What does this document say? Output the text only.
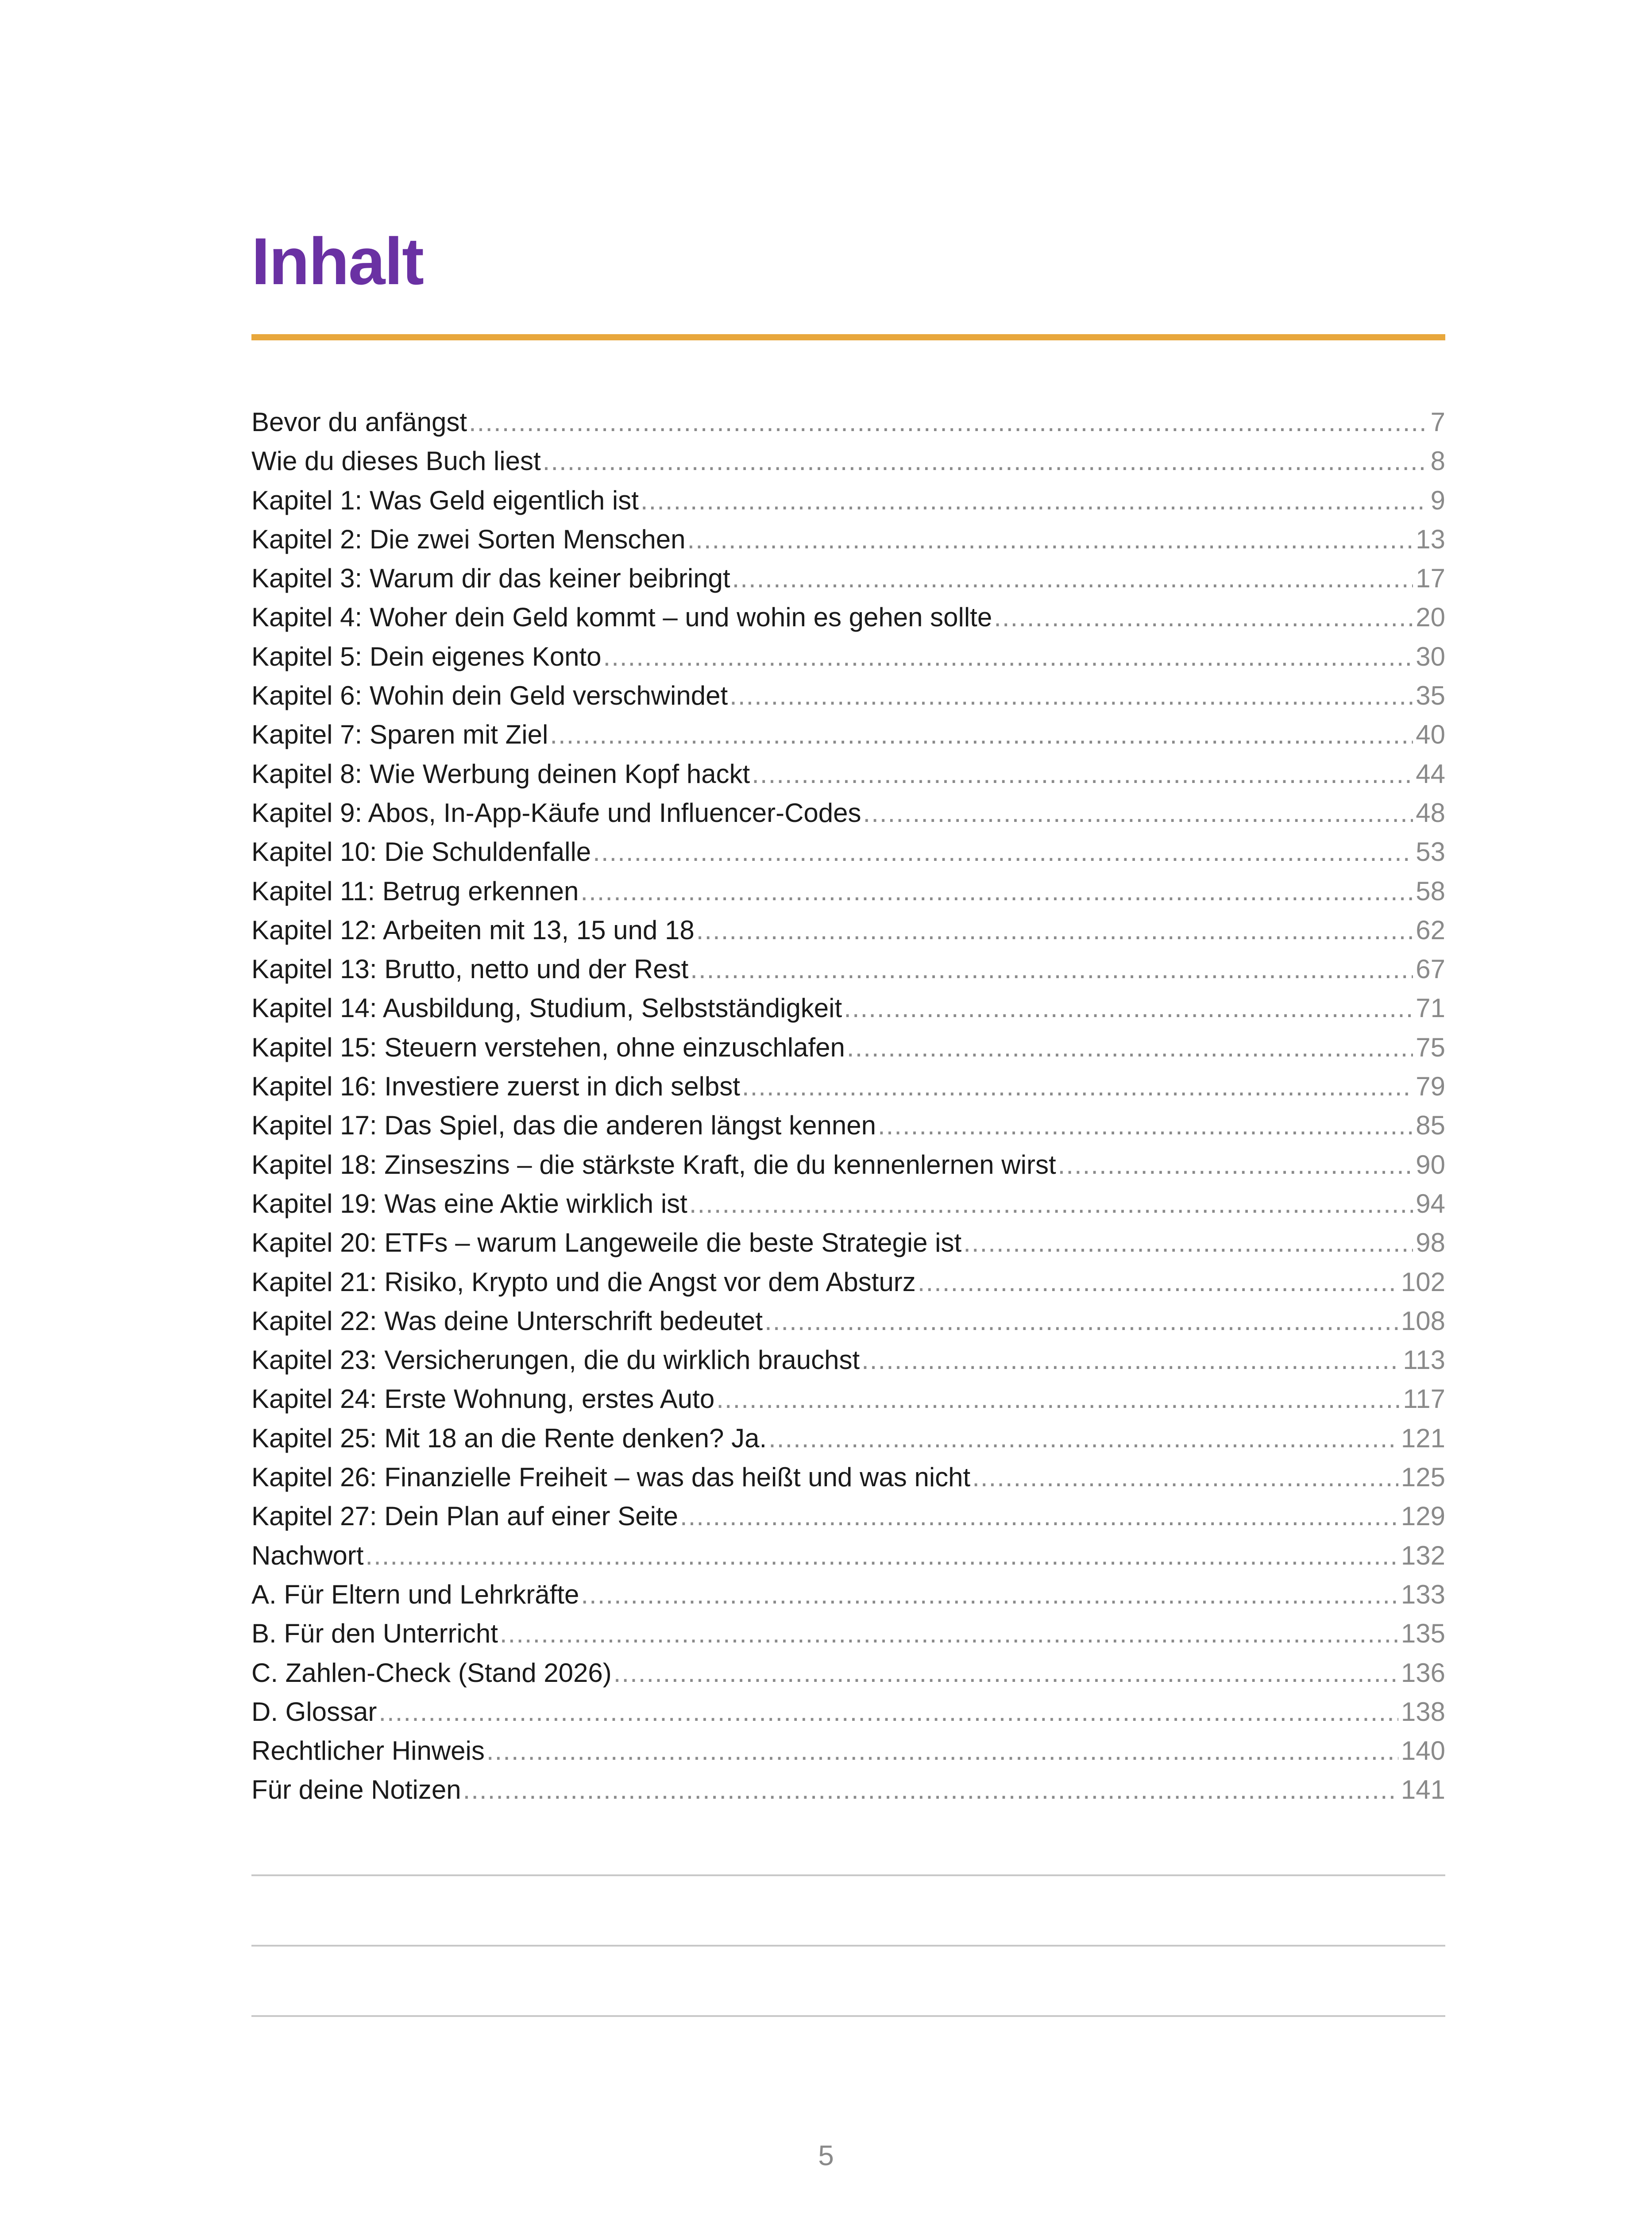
Inhalt
Bevor du anfängst .....	7
Wie du dieses Buch liest .....	8
Kapitel 1: Was Geld eigentlich ist .....	9
Kapitel 2: Die zwei Sorten Menschen .....	13
Kapitel 3: Warum dir das keiner beibringt .....	17
Kapitel 4: Woher dein Geld kommt – und wohin es gehen sollte .....	20
Kapitel 5: Dein eigenes Konto .....	30
Kapitel 6: Wohin dein Geld verschwindet .....	35
Kapitel 7: Sparen mit Ziel .....	40
Kapitel 8: Wie Werbung deinen Kopf hackt .....	44
Kapitel 9: Abos, In-App-Käufe und Influencer-Codes .....	48
Kapitel 10: Die Schuldenfalle .....	53
Kapitel 11: Betrug erkennen .....	58
Kapitel 12: Arbeiten mit 13, 15 und 18 .....	62
Kapitel 13: Brutto, netto und der Rest .....	67
Kapitel 14: Ausbildung, Studium, Selbstständigkeit .....	71
Kapitel 15: Steuern verstehen, ohne einzuschlafen .....	75
Kapitel 16: Investiere zuerst in dich selbst .....	79
Kapitel 17: Das Spiel, das die anderen längst kennen .....	85
Kapitel 18: Zinseszins – die stärkste Kraft, die du kennenlernen wirst .....	90
Kapitel 19: Was eine Aktie wirklich ist .....	94
Kapitel 20: ETFs – warum Langeweile die beste Strategie ist .....	98
Kapitel 21: Risiko, Krypto und die Angst vor dem Absturz .....	102
Kapitel 22: Was deine Unterschrift bedeutet .....	108
Kapitel 23: Versicherungen, die du wirklich brauchst .....	113
Kapitel 24: Erste Wohnung, erstes Auto .....	117
Kapitel 25: Mit 18 an die Rente denken? Ja. .....	121
Kapitel 26: Finanzielle Freiheit – was das heißt und was nicht .....	125
Kapitel 27: Dein Plan auf einer Seite .....	129
Nachwort .....	132
A. Für Eltern und Lehrkräfte .....	133
B. Für den Unterricht .....	135
C. Zahlen-Check (Stand 2026) .....	136
D. Glossar .....	138
Rechtlicher Hinweis .....	140
Für deine Notizen .....	141
5
